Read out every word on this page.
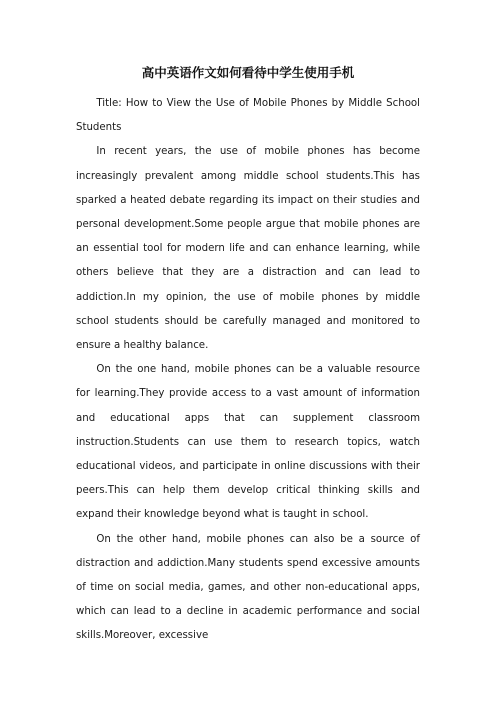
高中英语作文如何看待中学生使用手机

Title: How to View the Use of Mobile Phones by Middle School Students

In recent years, the use of mobile phones has become increasingly prevalent among middle school students.This has sparked a heated debate regarding its impact on their studies and personal development.Some people argue that mobile phones are an essential tool for modern life and can enhance learning, while others believe that they are a distraction and can lead to addiction.In my opinion, the use of mobile phones by middle school students should be carefully managed and monitored to ensure a healthy balance.

On the one hand, mobile phones can be a valuable resource for learning.They provide access to a vast amount of information and educational apps that can supplement classroom instruction.Students can use them to research topics, watch educational videos, and participate in online discussions with their peers.This can help them develop critical thinking skills and expand their knowledge beyond what is taught in school.

On the other hand, mobile phones can also be a source of distraction and addiction.Many students spend excessive amounts of time on social media, games, and other non-educational apps, which can lead to a decline in academic performance and social skills.Moreover, excessive
